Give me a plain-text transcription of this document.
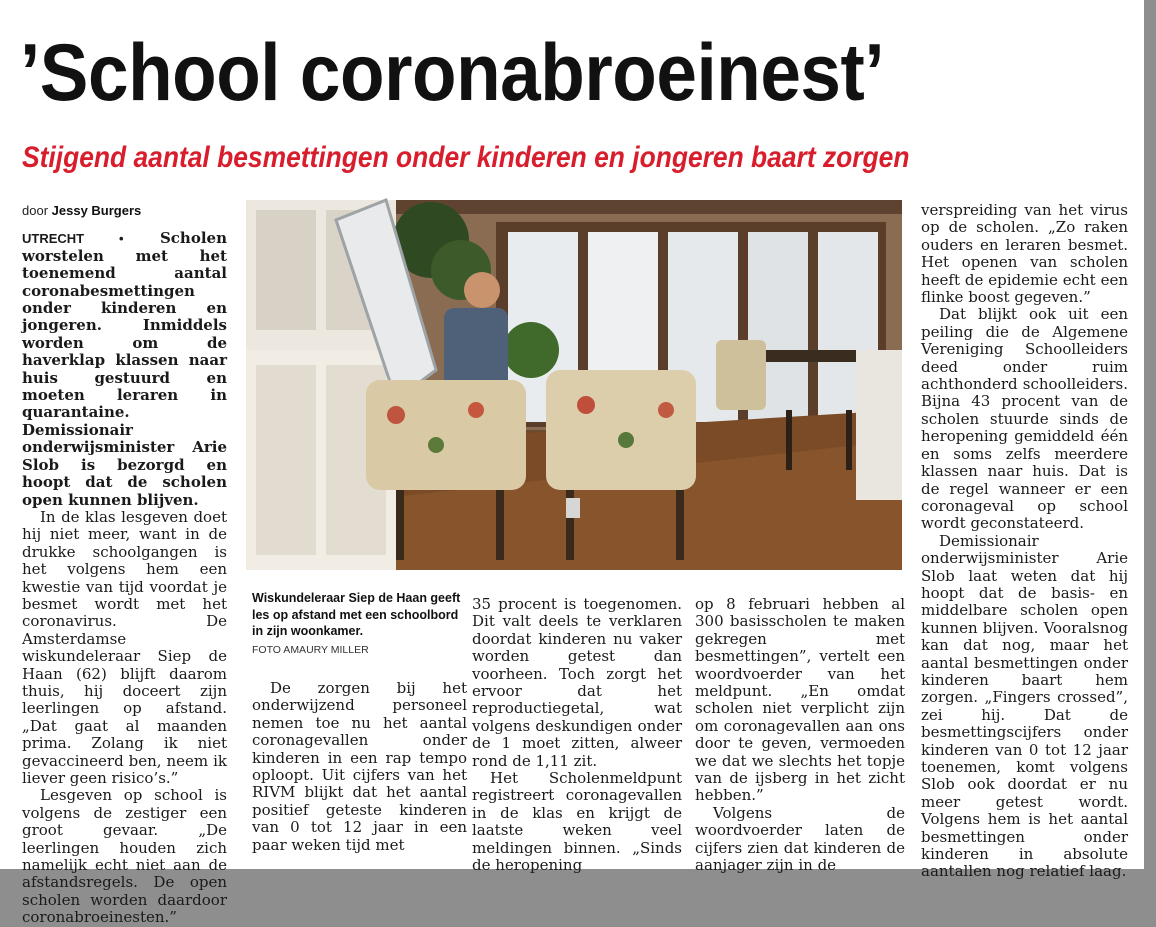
’School coronabroeinest’
Stijgend aantal besmettingen onder kinderen en jongeren baart zorgen
door Jessy Burgers

UTRECHT • Scholen worstelen met het toenemend aantal coronabesmettingen onder kinderen en jongeren. Inmiddels worden om de haverklap klassen naar huis gestuurd en moeten leraren in quarantaine. Demissionair onderwijsminister Arie Slob is bezorgd en hoopt dat de scholen open kunnen blijven.

In de klas lesgeven doet hij niet meer, want in de drukke schoolgangen is het volgens hem een kwestie van tijd voordat je besmet wordt met het coronavirus. De Amsterdamse wiskundeleraar Siep de Haan (62) blijft daarom thuis, hij doceert zijn leerlingen op afstand. „Dat gaat al maanden prima. Zolang ik niet gevaccineerd ben, neem ik liever geen risico’s.”

Lesgeven op school is volgens de zestiger een groot gevaar. „De leerlingen houden zich namelijk echt niet aan de afstandsregels. De open scholen worden daardoor coronabroeinesten.”

Wiskundeleraar Siep de Haan geeft les op afstand met een schoolbord in zijn woonkamer.
FOTO AMAURY MILLER

De zorgen bij het onderwijzend personeel nemen toe nu het aantal coronagevallen onder kinderen in een rap tempo oploopt. Uit cijfers van het RIVM blijkt dat het aantal positief geteste kinderen van 0 tot 12 jaar in een paar weken tijd met

35 procent is toegenomen. Dit valt deels te verklaren doordat kinderen nu vaker worden getest dan voorheen. Toch zorgt het ervoor dat het reproductiegetal, wat volgens deskundigen onder de 1 moet zitten, alweer rond de 1,11 zit.

Het Scholenmeldpunt registreert coronagevallen in de klas en krijgt de laatste weken veel meldingen binnen. „Sinds de heropening

op 8 februari hebben al 300 basisscholen te maken gekregen met besmettingen”, vertelt een woordvoerder van het meldpunt. „En omdat scholen niet verplicht zijn om coronagevallen aan ons door te geven, vermoeden we dat we slechts het topje van de ijsberg in het zicht hebben.”

Volgens de woordvoerder laten de cijfers zien dat kinderen de aanjager zijn in de

verspreiding van het virus op de scholen. „Zo raken ouders en leraren besmet. Het openen van scholen heeft de epidemie echt een flinke boost gegeven.”

Dat blijkt ook uit een peiling die de Algemene Vereniging Schoolleiders deed onder ruim achthonderd schoolleiders. Bijna 43 procent van de scholen stuurde sinds de heropening gemiddeld één en soms zelfs meerdere klassen naar huis. Dat is de regel wanneer er een coronageval op school wordt geconstateerd.

Demissionair onderwijsminister Arie Slob laat weten dat hij hoopt dat de basis- en middelbare scholen open kunnen blijven. Vooralsnog kan dat nog, maar het aantal besmettingen onder kinderen baart hem zorgen. „Fingers crossed”, zei hij. Dat de besmettingscijfers onder kinderen van 0 tot 12 jaar toenemen, komt volgens Slob ook doordat er nu meer getest wordt. Volgens hem is het aantal besmettingen onder kinderen in absolute aantallen nog relatief laag.
